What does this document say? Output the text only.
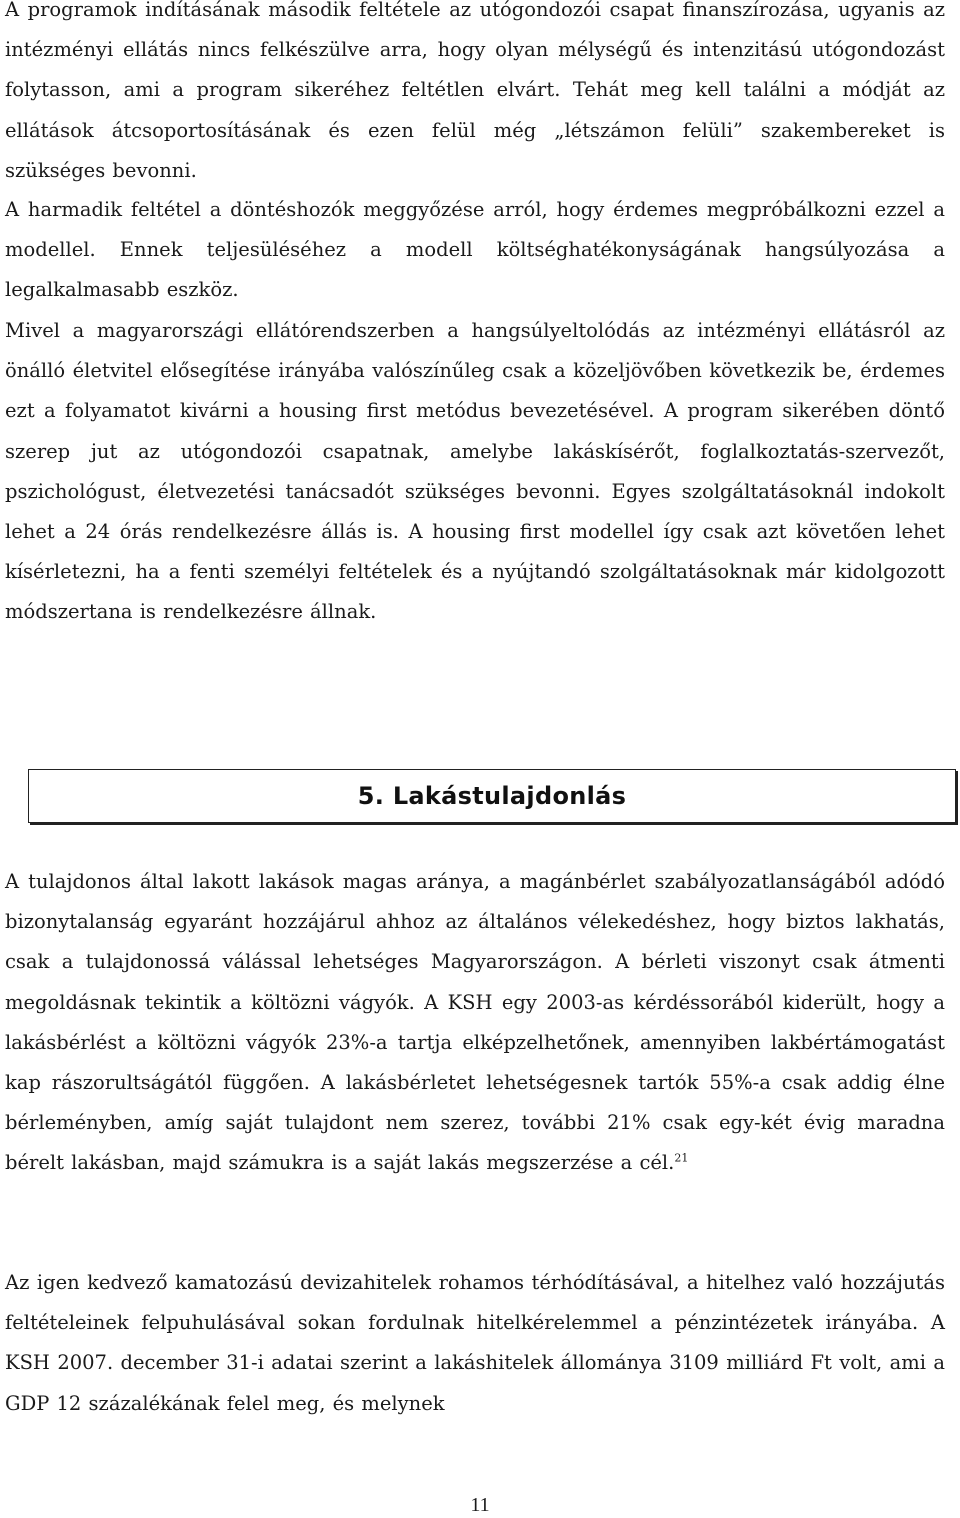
A programok indításának második feltétele az utógondozói csapat finanszírozása, ugyanis az intézményi ellátás nincs felkészülve arra, hogy olyan mélységű és intenzitású utógondozást folytasson, ami a program sikeréhez feltétlen elvárt. Tehát meg kell találni a módját az ellátások átcsoportosításának és ezen felül még „létszámon felüli” szakembereket is szükséges bevonni.

A harmadik feltétel a döntéshozók meggyőzése arról, hogy érdemes megpróbálkozni ezzel a modellel. Ennek teljesüléséhez a modell költséghatékonyságának hangsúlyozása a legalkalmasabb eszköz.

Mivel a magyarországi ellátórendszerben a hangsúlyeltolódás az intézményi ellátásról az önálló életvitel elősegítése irányába valószínűleg csak a közeljövőben következik be, érdemes ezt a folyamatot kivárni a housing first metódus bevezetésével. A program sikerében döntő szerep jut az utógondozói csapatnak, amelybe lakáskísérőt, foglalkoztatás-szervezőt, pszichológust, életvezetési tanácsadót szükséges bevonni. Egyes szolgáltatásoknál indokolt lehet a 24 órás rendelkezésre állás is. A housing first modellel így csak azt követően lehet kísérletezni, ha a fenti személyi feltételek és a nyújtandó szolgáltatásoknak már kidolgozott módszertana is rendelkezésre állnak.

A tulajdonos által lakott lakások magas aránya, a magánbérlet szabályozatlanságából adódó bizonytalanság egyaránt hozzájárul ahhoz az általános vélekedéshez, hogy biztos lakhatás, csak a tulajdonossá válással lehetséges Magyarországon. A bérleti viszonyt csak átmenti megoldásnak tekintik a költözni vágyók. A KSH egy 2003-as kérdéssorából kiderült, hogy a lakásbérlést a költözni vágyók 23%-a tartja elképzelhetőnek, amennyiben lakbértámogatást kap rászorultságától függően. A lakásbérletet lehetségesnek tartók 55%-a csak addig élne bérleményben, amíg saját tulajdont nem szerez, további 21% csak egy-két évig maradna bérelt lakásban, majd számukra is a saját lakás megszerzése a cél.$^{21}$

Az igen kedvező kamatozású devizahitelek rohamos térhódításával, a hitelhez való hozzájutás feltételeinek felpuhulásával sokan fordulnak hitelkérelemmel a pénzintézetek irányába. A KSH 2007. december 31-i adatai szerint a lakáshitelek állománya 3109 milliárd Ft volt, ami a GDP 12 százalékának felel meg, és melynek

5. Lakástulajdonlás
11
